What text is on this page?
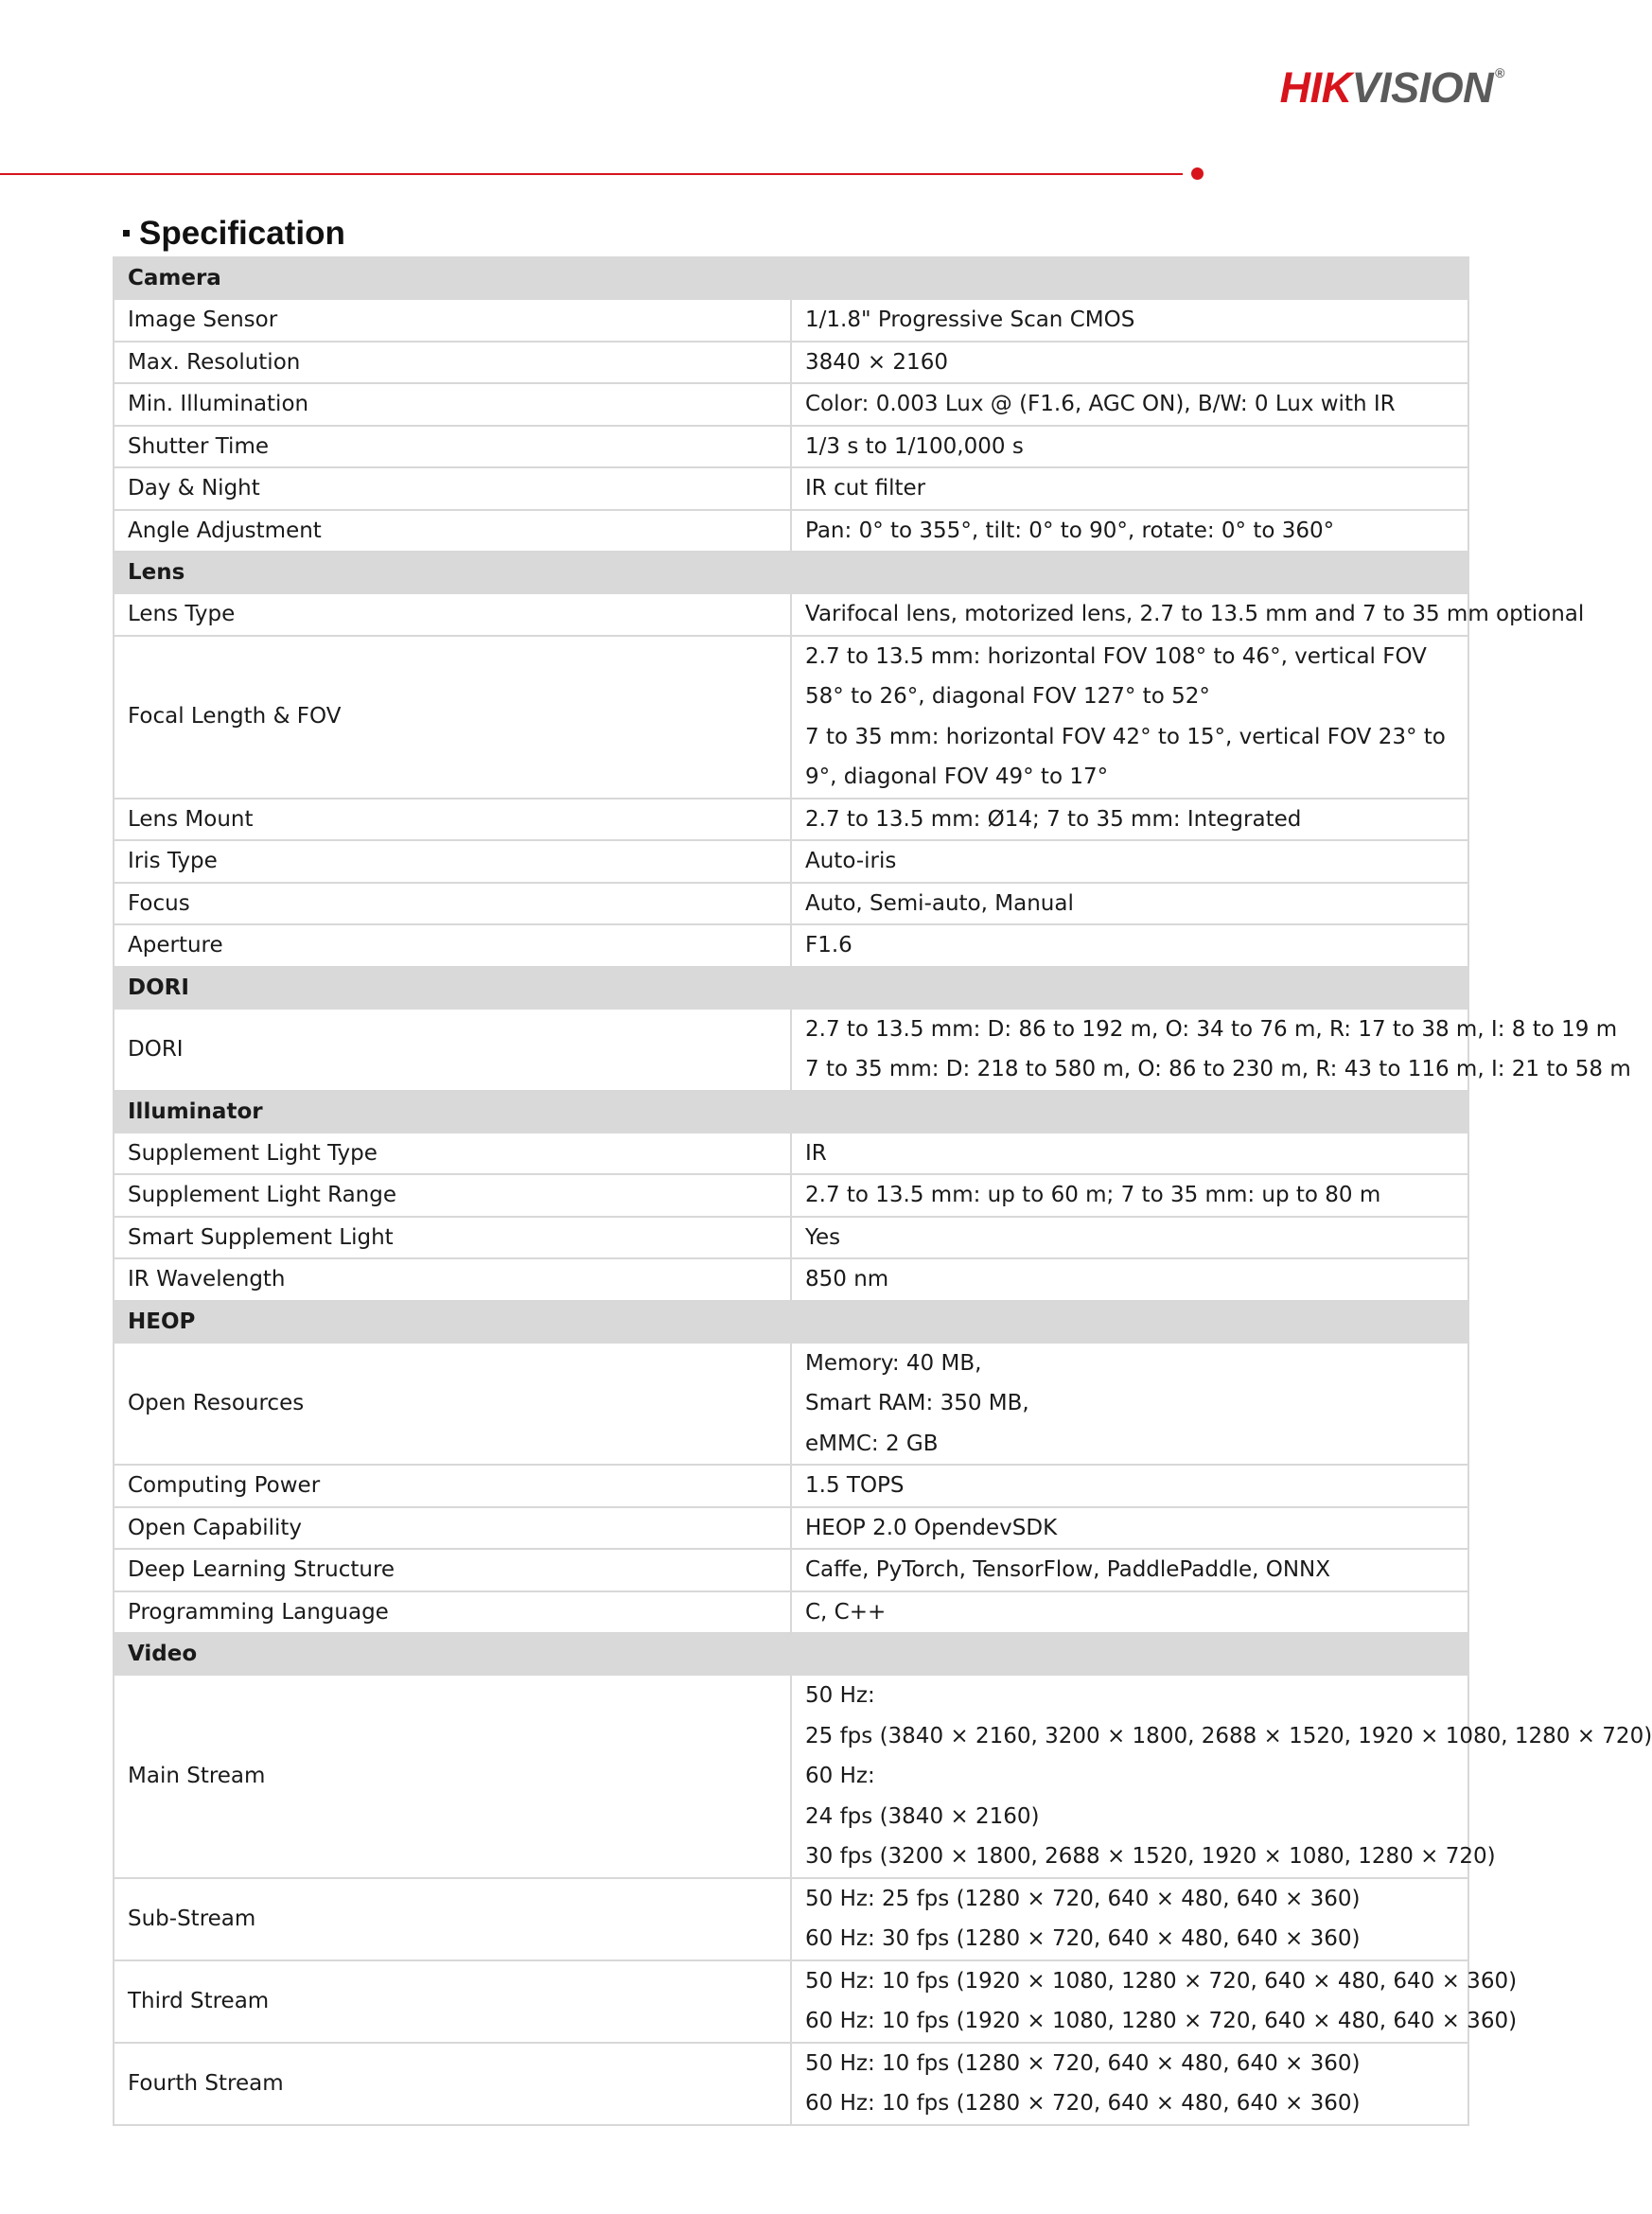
HIKVISION ®
Specification
Camera	
Image Sensor	1/1.8" Progressive Scan CMOS

Max. Resolution	3840 × 2160

Min. Illumination	Color: 0.003 Lux @ (F1.6, AGC ON), B/W: 0 Lux with IR

Shutter Time	1/3 s to 1/100,000 s

Day & Night	IR cut filter

Angle Adjustment	Pan: 0° to 355°, tilt: 0° to 90°, rotate: 0° to 360°

Lens	
Lens Type	Varifocal lens, motorized lens, 2.7 to 13.5 mm and 7 to 35 mm optional

Focal Length & FOV	2.7 to 13.5 mm: horizontal FOV 108° to 46°, vertical FOV 58° to 26°, diagonal FOV 127° to 52°
7 to 35 mm: horizontal FOV 42° to 15°, vertical FOV 23° to 9°, diagonal FOV 49° to 17°

Lens Mount	2.7 to 13.5 mm: Ø14; 7 to 35 mm: Integrated

Iris Type	Auto-iris

Focus	Auto, Semi-auto, Manual

Aperture	F1.6

DORI	
DORI	2.7 to 13.5 mm: D: 86 to 192 m, O: 34 to 76 m, R: 17 to 38 m, I: 8 to 19 m
7 to 35 mm: D: 218 to 580 m, O: 86 to 230 m, R: 43 to 116 m, I: 21 to 58 m

Illuminator	
Supplement Light Type	IR

Supplement Light Range	2.7 to 13.5 mm: up to 60 m; 7 to 35 mm: up to 80 m

Smart Supplement Light	Yes

IR Wavelength	850 nm

HEOP	
Open Resources	Memory: 40 MB,
Smart RAM: 350 MB,
eMMC: 2 GB

Computing Power	1.5 TOPS

Open Capability	HEOP 2.0 OpendevSDK

Deep Learning Structure	Caffe, PyTorch, TensorFlow, PaddlePaddle, ONNX

Programming Language	C, C++

Video	
Main Stream	50 Hz:
25 fps (3840 × 2160, 3200 × 1800, 2688 × 1520, 1920 × 1080, 1280 × 720)
60 Hz:
24 fps (3840 × 2160)
30 fps (3200 × 1800, 2688 × 1520, 1920 × 1080, 1280 × 720)

Sub-Stream	50 Hz: 25 fps (1280 × 720, 640 × 480, 640 × 360)
60 Hz: 30 fps (1280 × 720, 640 × 480, 640 × 360)

Third Stream	50 Hz: 10 fps (1920 × 1080, 1280 × 720, 640 × 480, 640 × 360)
60 Hz: 10 fps (1920 × 1080, 1280 × 720, 640 × 480, 640 × 360)

Fourth Stream	50 Hz: 10 fps (1280 × 720, 640 × 480, 640 × 360)
60 Hz: 10 fps (1280 × 720, 640 × 480, 640 × 360)
